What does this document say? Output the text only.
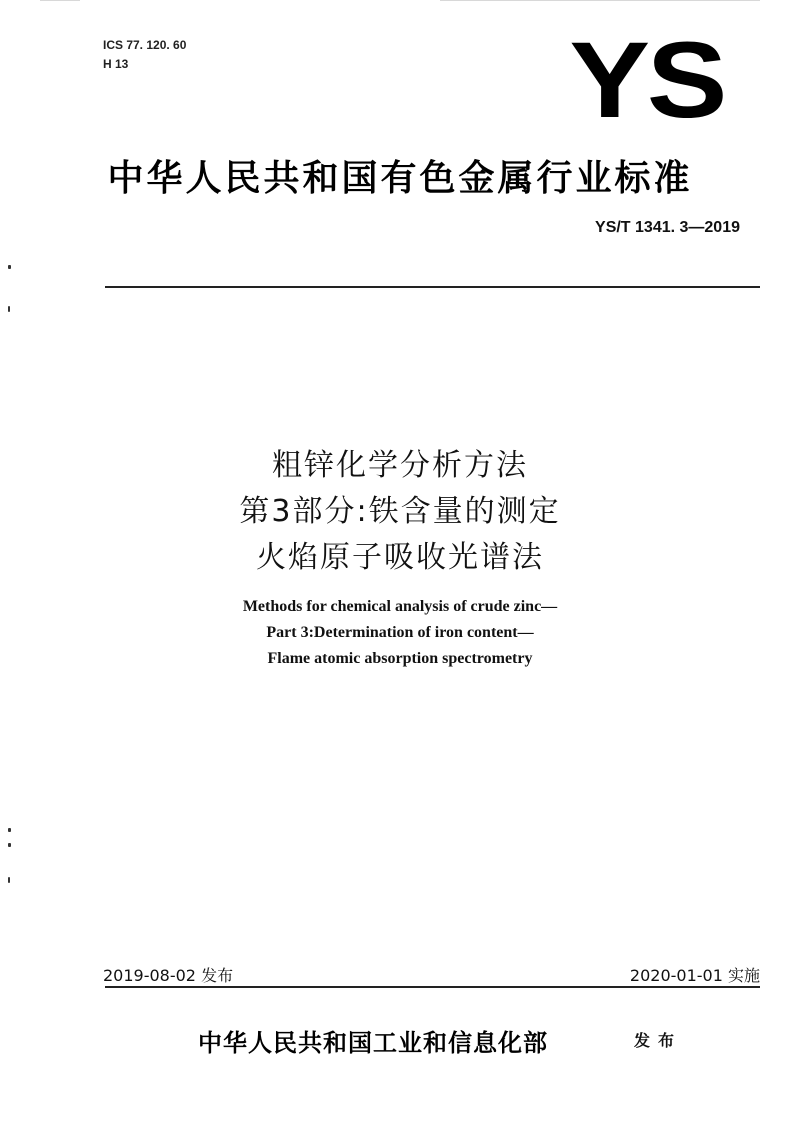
ICS 77. 120. 60
H 13	YS
中华人民共和国有色金属行业标准
YS/T 1341. 3—2019
粗锌化学分析方法
第3部分:铁含量的测定
火焰原子吸收光谱法
Methods for chemical analysis of crude zinc—
Part 3:Determination of iron content—
Flame atomic absorption spectrometry
2019-08-02 发布	2020-01-01 实施
中华人民共和国工业和信息化部	发布
